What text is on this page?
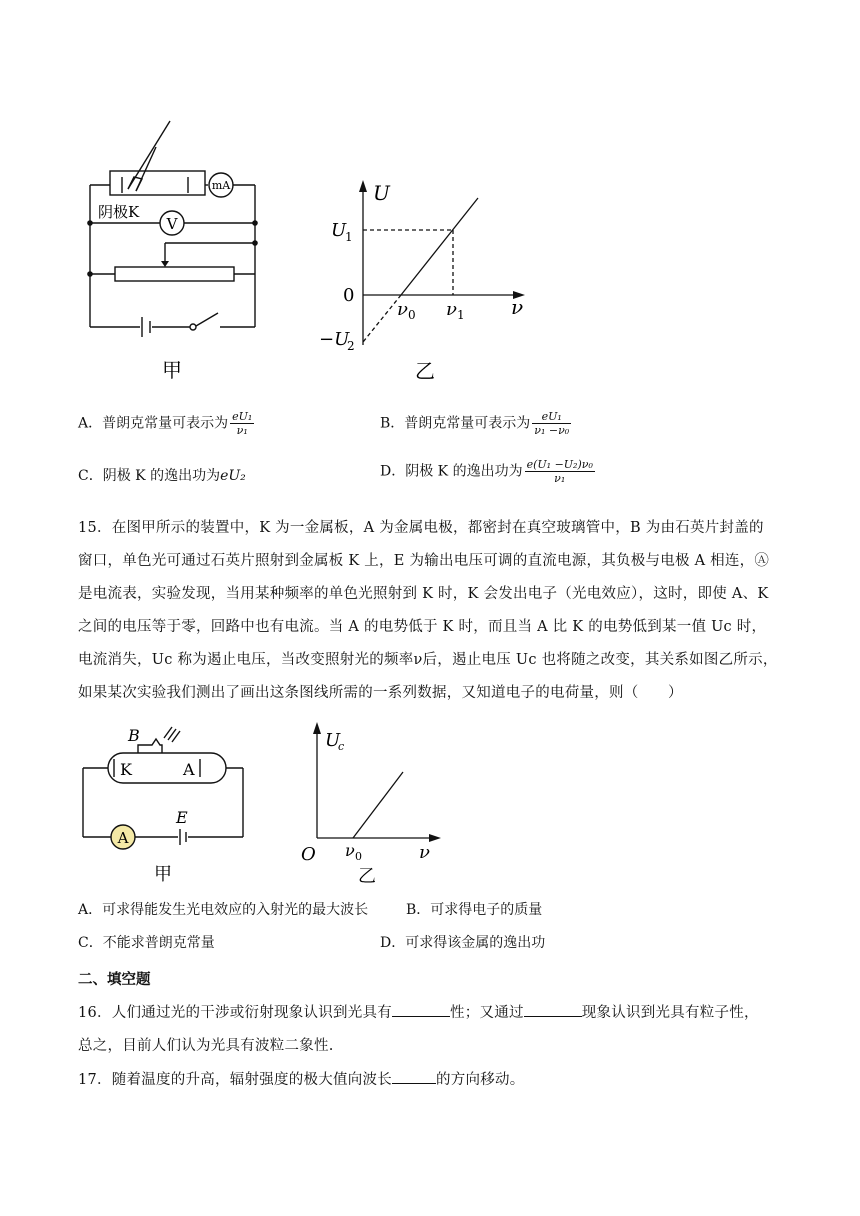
mA
V
阴极K
甲
U
ν
U
1
0
−U
2
ν 0 ν 1
乙
A．普朗克常量可表示为 $\frac{\text{eU₁}}{\text{ν₁}}$	B．普朗克常量可表示为 $\frac{\text{eU₁}}{\text{ν₁ −ν₀}}$
C．阴极 K 的逸出功为eU₂	D．阴极 K 的逸出功为 $\frac{\text{e(U₁ −U₂)ν₀}}{\text{ν₁}}$
15．在图甲所示的装置中，K 为一金属板，A 为金属电极，都密封在真空玻璃管中，B 为由石英片封盖的窗口，单色光可通过石英片照射到金属板 K 上，E 为输出电压可调的直流电源，其负极与电极 A 相连，Ⓐ是电流表，实验发现，当用某种频率的单色光照射到 K 时，K 会发出电子（光电效应），这时，即使 A、K 之间的电压等于零，回路中也有电流。当 A 的电势低于 K 时，而且当 A 比 K 的电势低到某一值 Uc 时，电流消失，Uc 称为遏止电压，当改变照射光的频率ν后，遏止电压 Uc 也将随之改变，其关系如图乙所示，如果某次实验我们测出了画出这条图线所需的一系列数据，又知道电子的电荷量，则（　　）
B
K	A
E
A
甲
U
c
ν
O ν 0
乙
A．可求得能发生光电效应的入射光的最大波长	B．可求得电子的质量
C．不能求普朗克常量	D．可求得该金属的逸出功
二、填空题
16．人们通过光的干涉或衍射现象认识到光具有	性；又通过	现象认识到光具有粒子性，
总之，目前人们认为光具有波粒二象性.
17．随着温度的升高，辐射强度的极大值向波长	的方向移动。
